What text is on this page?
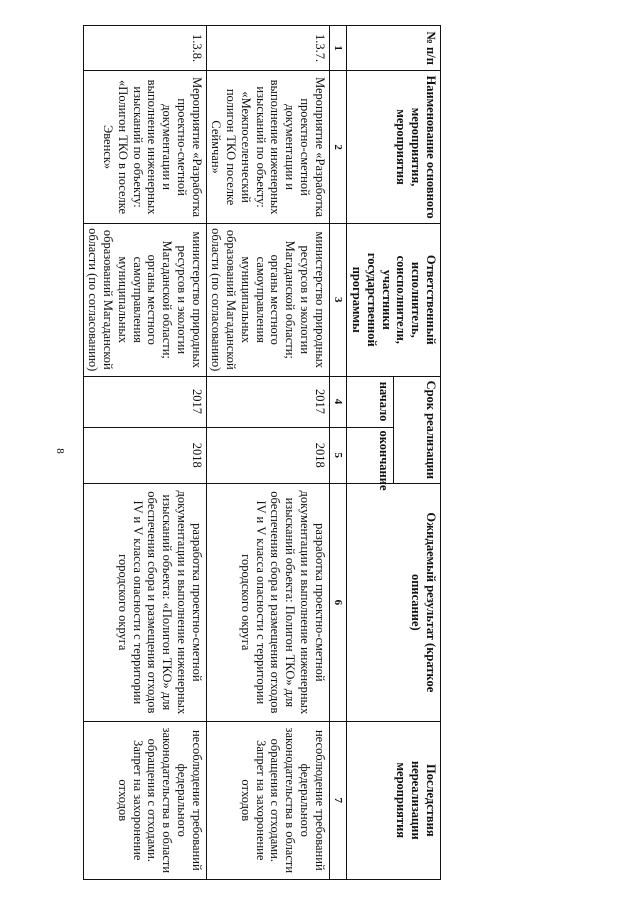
8
№ п/п	Наименование основного мероприятия, мероприятия	Ответственный исполнитель, соисполнители, участники государственной программы	Срок реализации		Ожидаемый результат (краткое описание)	Последствия нереализации мероприятия
			начало	окончание		
1	2	3	4	5	6	7
1.3.7.	Мероприятие «Разработка проектно-сметной документации и выполнение инженерных изысканий по объекту: «Межпоселенческий полигон ТКО поселке Сеймчан»	министерство природных ресурсов и экологии Магаданской области; органы местного самоуправления муниципальных образований Магаданской области (по согласованию)	2017	2018	разработка проектно-сметной документации и выполнение инженерных изысканий объекта: Полигон ТКО» для обеспечения сбора и размещения отходов IV и V класса опасности с территории городского округа	несоблюдение требований федерального законодательства в области обращения с отходами. Запрет на захоронение отходов
1.3.8.	Мероприятие «Разработка проектно-сметной документации и выполнение инженерных изысканий по объекту: «Полигон ТКО в поселке Эвенск»	министерство природных ресурсов и экологии Магаданской области; органы местного самоуправления муниципальных образований Магаданской области (по согласованию)	2017	2018	разработка проектно-сметной документации и выполнение инженерных изысканий объекта: «Полигон ТКО» для обеспечения сбора и размещения отходов IV и V класса опасности с территории городского округа	несоблюдение требований федерального законодательства в области обращения с отходами. Запрет на захоронение отходов
